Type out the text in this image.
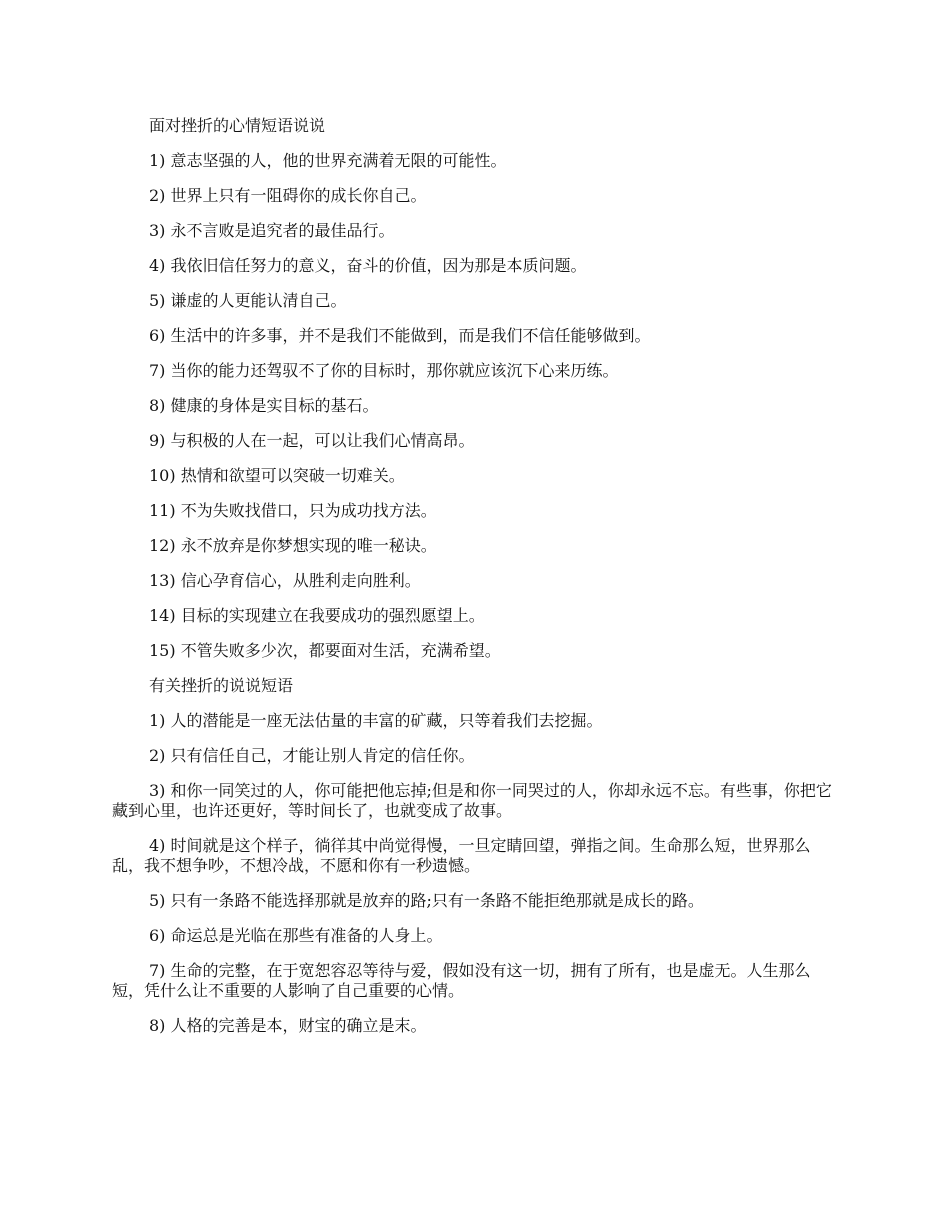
面对挫折的心情短语说说

1) 意志坚强的人，他的世界充满着无限的可能性。

2) 世界上只有一阻碍你的成长你自己。

3) 永不言败是追究者的最佳品行。

4) 我依旧信任努力的意义，奋斗的价值，因为那是本质问题。

5) 谦虚的人更能认清自己。

6) 生活中的许多事，并不是我们不能做到，而是我们不信任能够做到。

7) 当你的能力还驾驭不了你的目标时，那你就应该沉下心来历练。

8) 健康的身体是实目标的基石。

9) 与积极的人在一起，可以让我们心情高昂。

10) 热情和欲望可以突破一切难关。

11) 不为失败找借口，只为成功找方法。

12) 永不放弃是你梦想实现的唯一秘诀。

13) 信心孕育信心，从胜利走向胜利。

14) 目标的实现建立在我要成功的强烈愿望上。

15) 不管失败多少次，都要面对生活，充满希望。

有关挫折的说说短语

1) 人的潜能是一座无法估量的丰富的矿藏，只等着我们去挖掘。

2) 只有信任自己，才能让别人肯定的信任你。

3) 和你一同笑过的人，你可能把他忘掉;但是和你一同哭过的人，你却永远不忘。有些事，你把它藏到心里，也许还更好，等时间长了，也就变成了故事。

4) 时间就是这个样子，徜徉其中尚觉得慢，一旦定睛回望，弹指之间。生命那么短，世界那么乱，我不想争吵，不想冷战，不愿和你有一秒遗憾。

5) 只有一条路不能选择那就是放弃的路;只有一条路不能拒绝那就是成长的路。

6) 命运总是光临在那些有准备的人身上。

7) 生命的完整，在于宽恕容忍等待与爱，假如没有这一切，拥有了所有，也是虚无。人生那么短，凭什么让不重要的人影响了自己重要的心情。

8) 人格的完善是本，财宝的确立是末。
